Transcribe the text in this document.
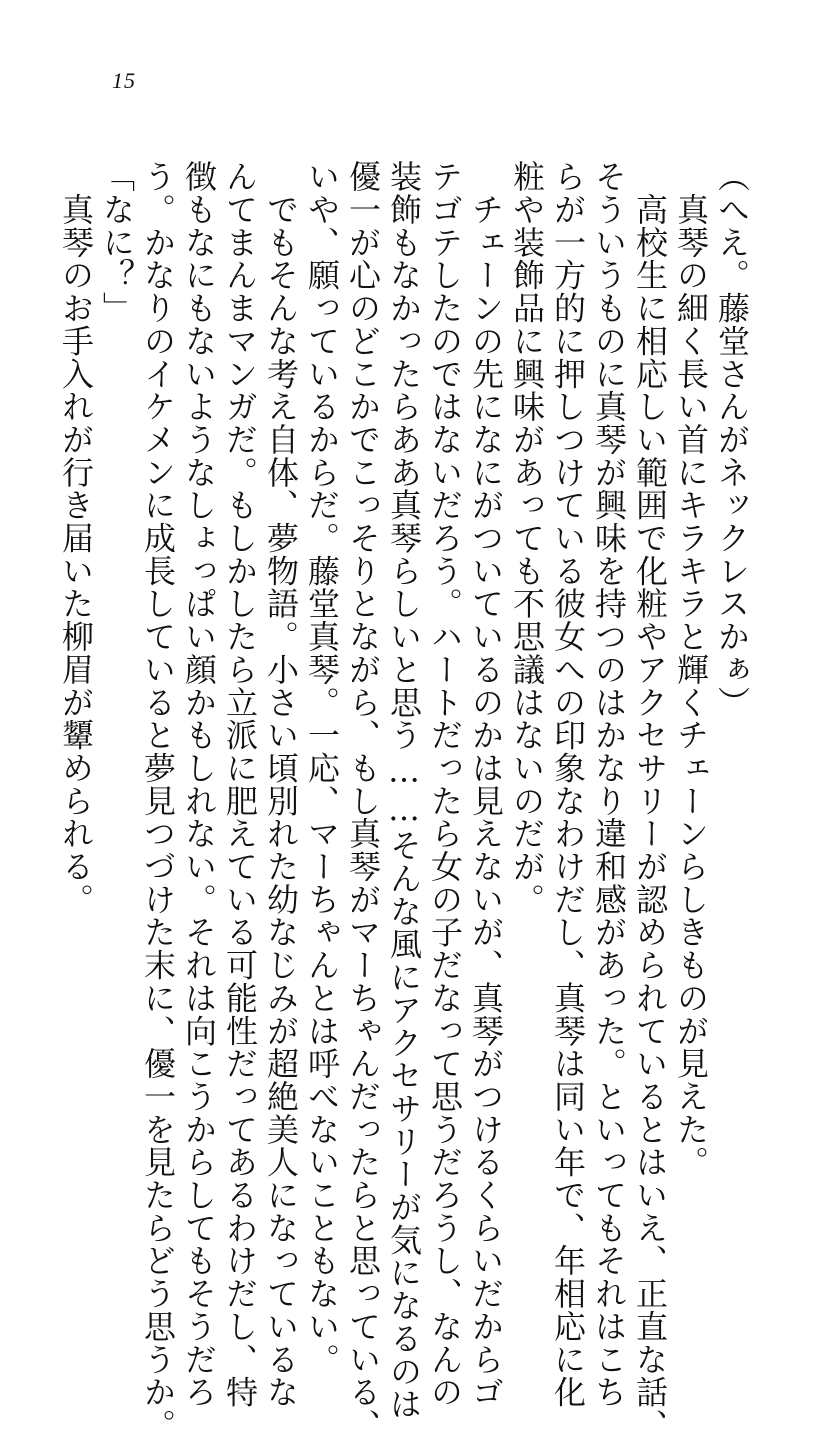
15
（へえ。藤堂さんがネックレスかぁ）
　真琴の細く長い首にキラキラと輝くチェーンらしきものが見えた。
　高校生に相応しい範囲で化粧やアクセサリーが認められているとはいえ、正直な話、
そういうものに真琴が興味を持つのはかなり違和感があった。といってもそれはこち
らが一方的に押しつけている彼女への印象なわけだし、真琴は同い年で、年相応に化
粧や装飾品に興味があっても不思議はないのだが。
　チェーンの先になにがついているのかは見えないが、真琴がつけるくらいだからゴ
テゴテしたのではないだろう。ハートだったら女の子だなって思うだろうし、なんの
装飾もなかったらああ真琴らしいと思う……そんな風にアクセサリーが気になるのは
優一が心のどこかでこっそりとながら、もし真琴がマーちゃんだったらと思っている、
いや、願っているからだ。藤堂真琴。一応、マーちゃんとは呼べないこともない。
　でもそんな考え自体、夢物語。小さい頃別れた幼なじみが超絶美人になっているな
んてまんまマンガだ。もしかしたら立派に肥えている可能性だってあるわけだし、特
徴もなにもないようなしょっぱい顔かもしれない。それは向こうからしてもそうだろ
う。かなりのイケメンに成長していると夢見つづけた末に、優一を見たらどう思うか。
「なに？」
　真琴のお手入れが行き届いた柳眉が顰められる。
